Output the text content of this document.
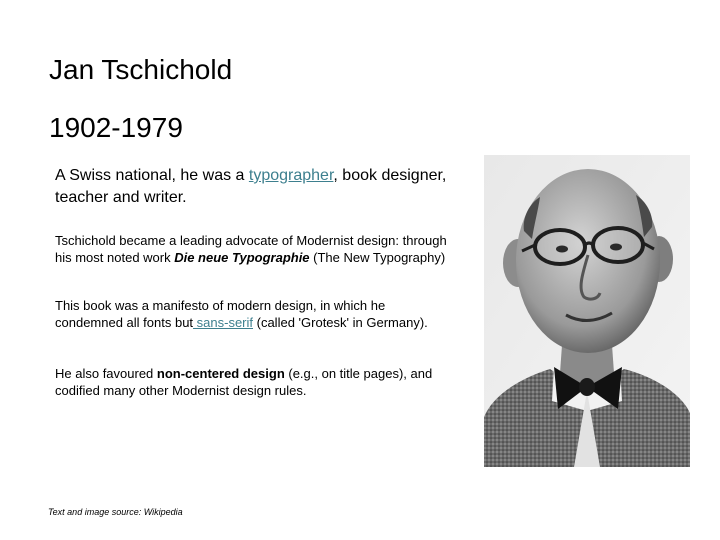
Jan Tschichold
1902-1979
A Swiss national, he was a typographer, book designer, teacher and writer.
Tschichold became a leading advocate of Modernist design: through his most noted work Die neue Typographie (The New Typography)
This book was a manifesto of modern design, in which he condemned all fonts but sans-serif (called 'Grotesk' in Germany).
He also favoured non-centered design (e.g., on title pages), and codified many other Modernist design rules.
Text and image source: Wikipedia
